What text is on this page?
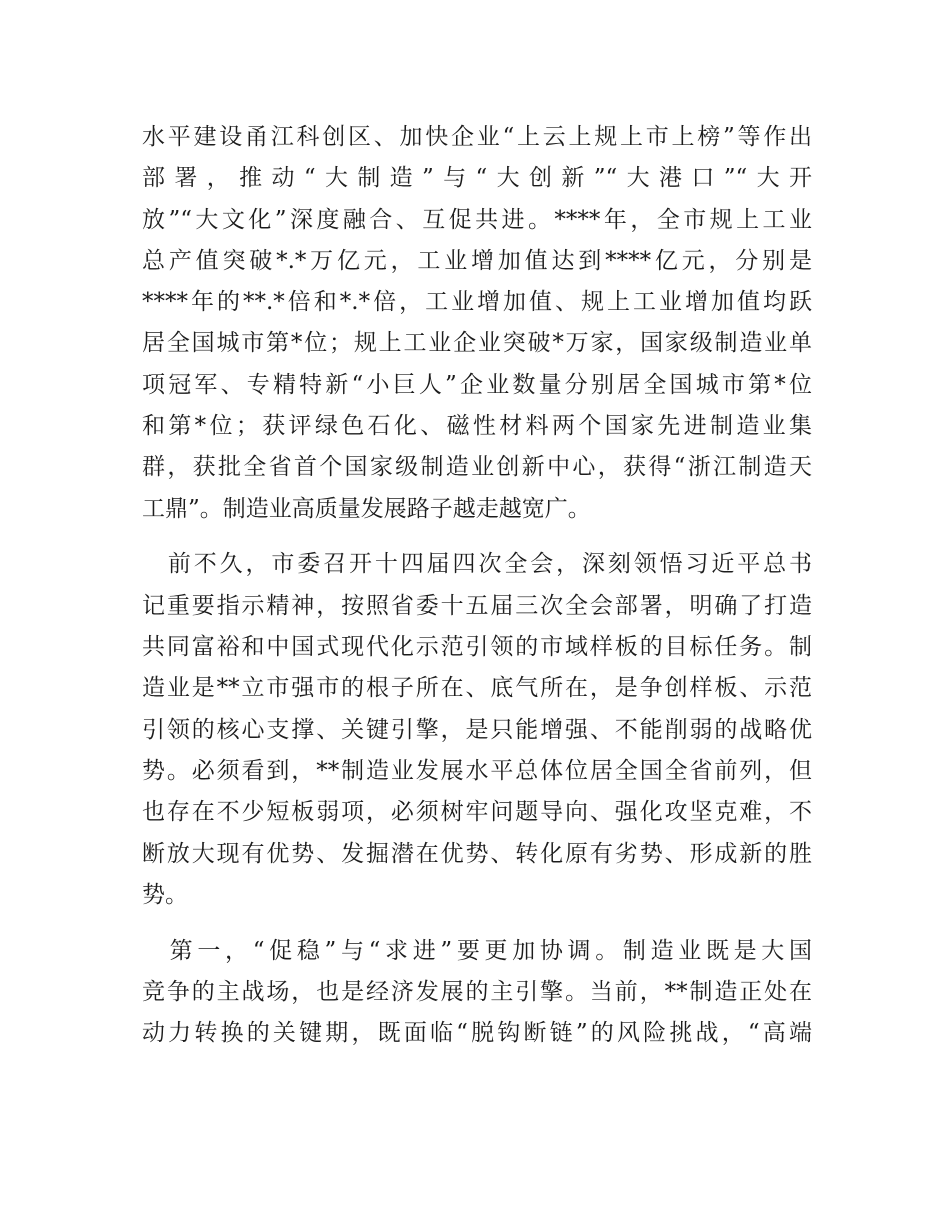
水平建设甬江科创区、加快企业“上云上规上市上榜”等作出
部署，推动“大制造”与“大创新”“大港口”“大开
放”“大文化”深度融合、互促共进。****年，全市规上工业
总产值突破*.*万亿元，工业增加值达到****亿元，分别是
****年的**.*倍和*.*倍，工业增加值、规上工业增加值均跃
居全国城市第*位；规上工业企业突破*万家，国家级制造业单
项冠军、专精特新“小巨人”企业数量分别居全国城市第*位
和第*位；获评绿色石化、磁性材料两个国家先进制造业集
群，获批全省首个国家级制造业创新中心，获得“浙江制造天
工鼎”。制造业高质量发展路子越走越宽广。
　前不久，市委召开十四届四次全会，深刻领悟习近平总书
记重要指示精神，按照省委十五届三次全会部署，明确了打造
共同富裕和中国式现代化示范引领的市域样板的目标任务。制
造业是**立市强市的根子所在、底气所在，是争创样板、示范
引领的核心支撑、关键引擎，是只能增强、不能削弱的战略优
势。必须看到，**制造业发展水平总体位居全国全省前列，但
也存在不少短板弱项，必须树牢问题导向、强化攻坚克难，不
断放大现有优势、发掘潜在优势、转化原有劣势、形成新的胜
势。
　第一，“促稳”与“求进”要更加协调。制造业既是大国
竞争的主战场，也是经济发展的主引擎。当前，**制造正处在
动力转换的关键期，既面临“脱钩断链”的风险挑战，“高端
